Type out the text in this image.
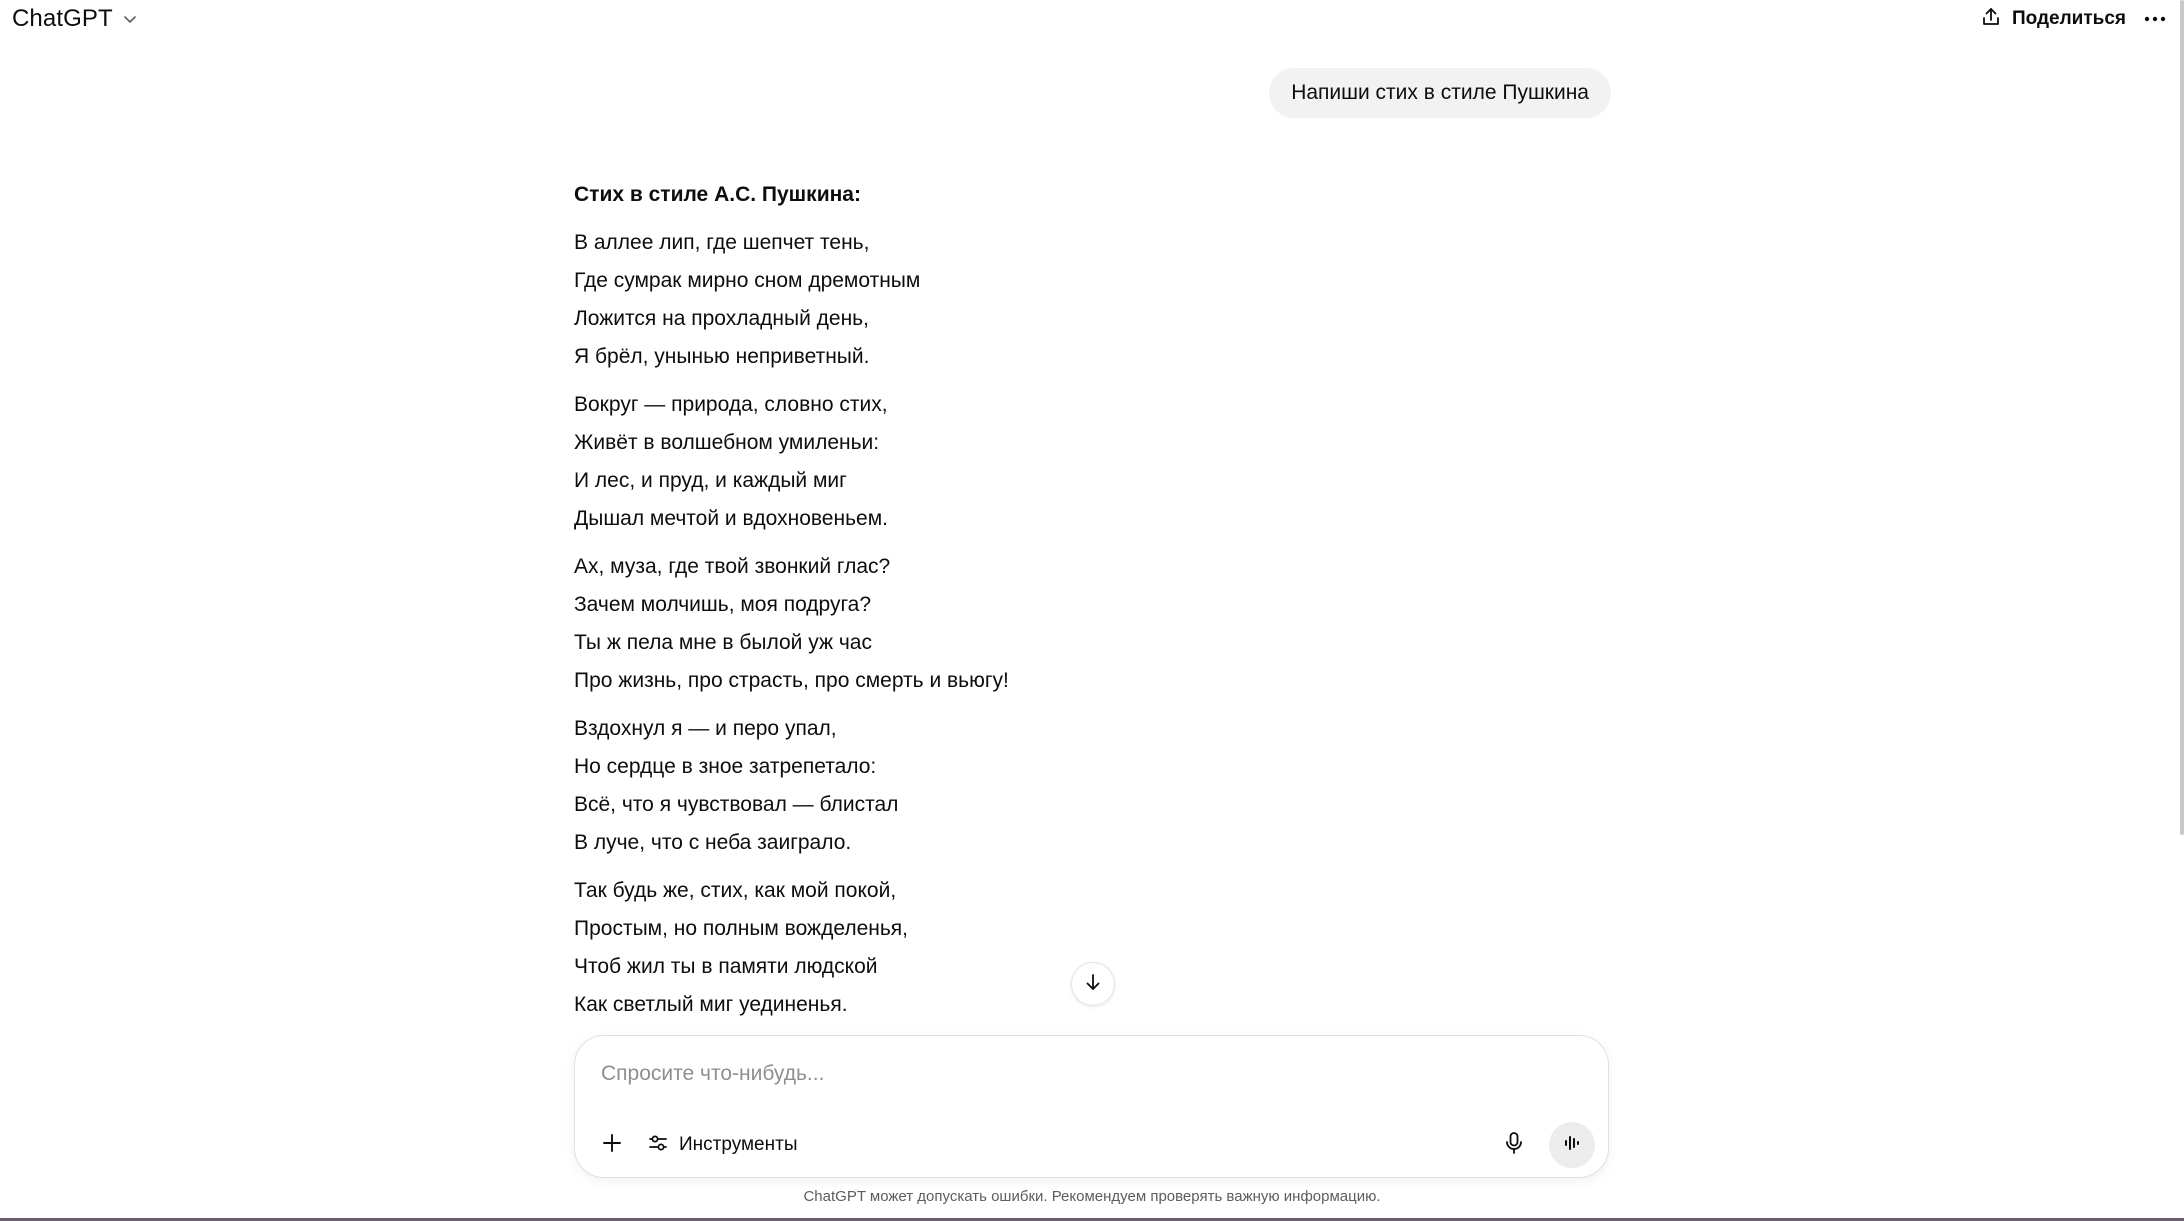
ChatGPT	Поделиться
Напиши стих в стиле Пушкина

Стих в стиле А.С. Пушкина:

В аллее лип, где шепчет тень,
Где сумрак мирно сном дремотным
Ложится на прохладный день,
Я брёл, унынью неприветный.
Вокруг — природа, словно стих,
Живёт в волшебном умиленьи:
И лес, и пруд, и каждый миг
Дышал мечтой и вдохновеньем.
Ах, муза, где твой звонкий глас?
Зачем молчишь, моя подруга?
Ты ж пела мне в былой уж час
Про жизнь, про страсть, про смерть и вьюгу!
Вздохнул я — и перо упал,
Но сердце в зное затрепетало:
Всё, что я чувствовал — блистал
В луче, что с неба заиграло.
Так будь же, стих, как мой покой,
Простым, но полным вожделенья,
Чтоб жил ты в памяти людской
Как светлый миг уединенья.
Спросите что-нибудь...
Инструменты
ChatGPT может допускать ошибки. Рекомендуем проверять важную информацию.
